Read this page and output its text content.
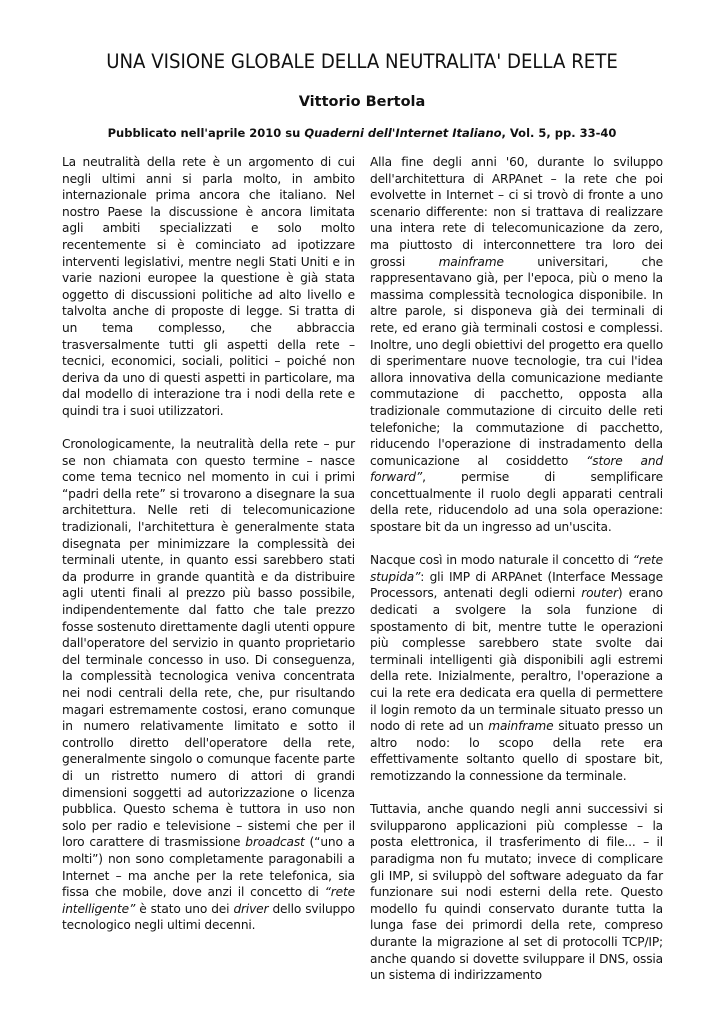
UNA VISIONE GLOBALE DELLA NEUTRALITA' DELLA RETE
Vittorio Bertola
Pubblicato nell'aprile 2010 su Quaderni dell'Internet Italiano, Vol. 5, pp. 33-40

La neutralità della rete è un argomento di cui negli ultimi anni si parla molto, in ambito internazionale prima ancora che italiano. Nel nostro Paese la discussione è ancora limitata agli ambiti specializzati e solo molto recentemente si è cominciato ad ipotizzare interventi legislativi, mentre negli Stati Uniti e in varie nazioni europee la questione è già stata oggetto di discussioni politiche ad alto livello e talvolta anche di proposte di legge. Si tratta di un tema complesso, che abbraccia trasversalmente tutti gli aspetti della rete – tecnici, economici, sociali, politici – poiché non deriva da uno di questi aspetti in particolare, ma dal modello di interazione tra i nodi della rete e quindi tra i suoi utilizzatori.

Cronologicamente, la neutralità della rete – pur se non chiamata con questo termine – nasce come tema tecnico nel momento in cui i primi “padri della rete” si trovarono a disegnare la sua architettura. Nelle reti di telecomunicazione tradizionali, l'architettura è generalmente stata disegnata per minimizzare la complessità dei terminali utente, in quanto essi sarebbero stati da produrre in grande quantità e da distribuire agli utenti finali al prezzo più basso possibile, indipendentemente dal fatto che tale prezzo fosse sostenuto direttamente dagli utenti oppure dall'operatore del servizio in quanto proprietario del terminale concesso in uso. Di conseguenza, la complessità tecnologica veniva concentrata nei nodi centrali della rete, che, pur risultando magari estremamente costosi, erano comunque in numero relativamente limitato e sotto il controllo diretto dell'operatore della rete, generalmente singolo o comunque facente parte di un ristretto numero di attori di grandi dimensioni soggetti ad autorizzazione o licenza pubblica. Questo schema è tuttora in uso non solo per radio e televisione – sistemi che per il loro carattere di trasmissione broadcast (“uno a molti”) non sono completamente paragonabili a Internet – ma anche per la rete telefonica, sia fissa che mobile, dove anzi il concetto di “rete intelligente” è stato uno dei driver dello sviluppo tecnologico negli ultimi decenni.

Alla fine degli anni '60, durante lo sviluppo dell'architettura di ARPAnet – la rete che poi evolvette in Internet – ci si trovò di fronte a uno scenario differente: non si trattava di realizzare una intera rete di telecomunicazione da zero, ma piuttosto di interconnettere tra loro dei grossi mainframe universitari, che rappresentavano già, per l'epoca, più o meno la massima complessità tecnologica disponibile. In altre parole, si disponeva già dei terminali di rete, ed erano già terminali costosi e complessi. Inoltre, uno degli obiettivi del progetto era quello di sperimentare nuove tecnologie, tra cui l'idea allora innovativa della comunicazione mediante commutazione di pacchetto, opposta alla tradizionale commutazione di circuito delle reti telefoniche; la commutazione di pacchetto, riducendo l'operazione di instradamento della comunicazione al cosiddetto “store and forward”, permise di semplificare concettualmente il ruolo degli apparati centrali della rete, riducendolo ad una sola operazione: spostare bit da un ingresso ad un'uscita.

Nacque così in modo naturale il concetto di “rete stupida”: gli IMP di ARPAnet (Interface Message Processors, antenati degli odierni router) erano dedicati a svolgere la sola funzione di spostamento di bit, mentre tutte le operazioni più complesse sarebbero state svolte dai terminali intelligenti già disponibili agli estremi della rete. Inizialmente, peraltro, l'operazione a cui la rete era dedicata era quella di permettere il login remoto da un terminale situato presso un nodo di rete ad un mainframe situato presso un altro nodo: lo scopo della rete era effettivamente soltanto quello di spostare bit, remotizzando la connessione da terminale.

Tuttavia, anche quando negli anni successivi si svilupparono applicazioni più complesse – la posta elettronica, il trasferimento di file... – il paradigma non fu mutato; invece di complicare gli IMP, si sviluppò del software adeguato da far funzionare sui nodi esterni della rete. Questo modello fu quindi conservato durante tutta la lunga fase dei primordi della rete, compreso durante la migrazione al set di protocolli TCP/IP; anche quando si dovette sviluppare il DNS, ossia un sistema di indirizzamento
